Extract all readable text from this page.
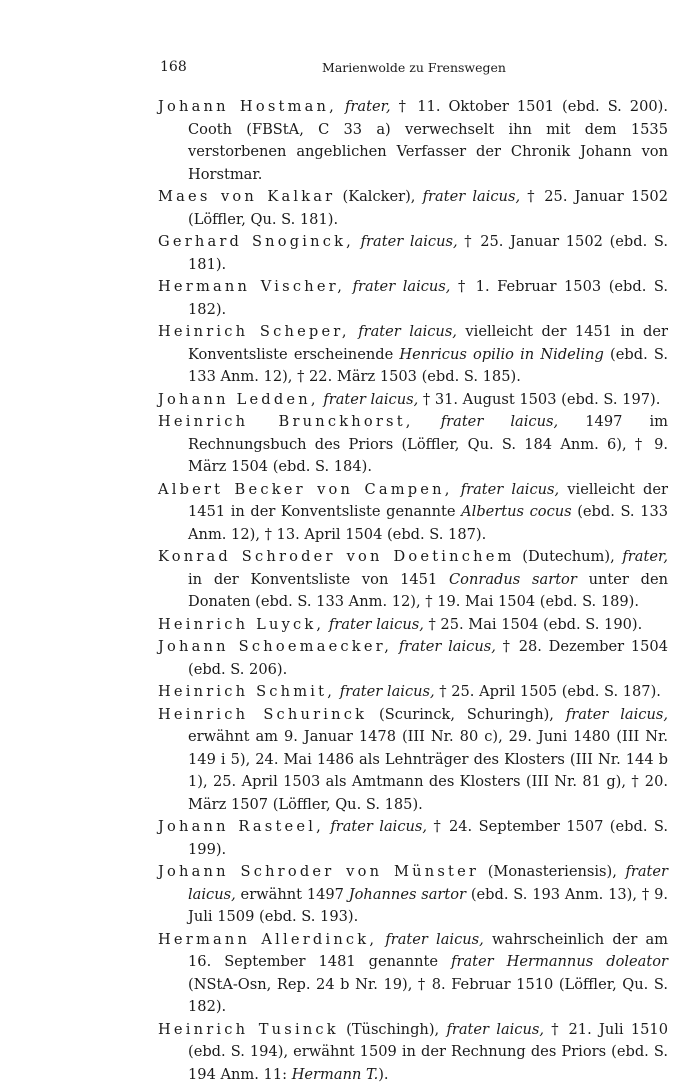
168	Marienwolde zu Frenswegen

Johann Hostman, frater, † 11. Oktober 1501 (ebd. S. 200). Cooth (FBStA, C 33 a) verwechselt ihn mit dem 1535 verstorbenen angeblichen Verfasser der Chronik Johann von Horstmar.

Maes von Kalkar (Kalcker), frater laicus, † 25. Januar 1502 (Löffler, Qu. S. 181).

Gerhard Snoginck, frater laicus, † 25. Januar 1502 (ebd. S. 181).

Hermann Vischer, frater laicus, † 1. Februar 1503 (ebd. S. 182).

Heinrich Scheper, frater laicus, vielleicht der 1451 in der Konventsliste erscheinende Henricus opilio in Nideling (ebd. S. 133 Anm. 12), † 22. März 1503 (ebd. S. 185).

Johann Ledden, frater laicus, † 31. August 1503 (ebd. S. 197).

Heinrich Brunckhorst, frater laicus, 1497 im Rechnungsbuch des Priors (Löffler, Qu. S. 184 Anm. 6), † 9. März 1504 (ebd. S. 184).

Albert Becker von Campen, frater laicus, vielleicht der 1451 in der Konventsliste genannte Albertus cocus (ebd. S. 133 Anm. 12), † 13. April 1504 (ebd. S. 187).

Konrad Schroder von Doetinchem (Dutechum), frater, in der Konventsliste von 1451 Conradus sartor unter den Donaten (ebd. S. 133 Anm. 12), † 19. Mai 1504 (ebd. S. 189).

Heinrich Luyck, frater laicus, † 25. Mai 1504 (ebd. S. 190).

Johann Schoemaecker, frater laicus, † 28. Dezember 1504 (ebd. S. 206).

Heinrich Schmit, frater laicus, † 25. April 1505 (ebd. S. 187).

Heinrich Schurinck (Scurinck, Schuringh), frater laicus, erwähnt am 9. Januar 1478 (III Nr. 80 c), 29. Juni 1480 (III Nr. 149 i 5), 24. Mai 1486 als Lehnträger des Klosters (III Nr. 144 b 1), 25. April 1503 als Amtmann des Klosters (III Nr. 81 g), † 20. März 1507 (Löffler, Qu. S. 185).

Johann Rasteel, frater laicus, † 24. September 1507 (ebd. S. 199).

Johann Schroder von Münster (Monasteriensis), frater laicus, erwähnt 1497 Johannes sartor (ebd. S. 193 Anm. 13), † 9. Juli 1509 (ebd. S. 193).

Hermann Allerdinck, frater laicus, wahrscheinlich der am 16. September 1481 genannte frater Hermannus doleator (NStA-Osn, Rep. 24 b Nr. 19), † 8. Februar 1510 (Löffler, Qu. S. 182).

Heinrich Tusinck (Tüschingh), frater laicus, † 21. Juli 1510 (ebd. S. 194), erwähnt 1509 in der Rechnung des Priors (ebd. S. 194 Anm. 11: Hermann T.).
